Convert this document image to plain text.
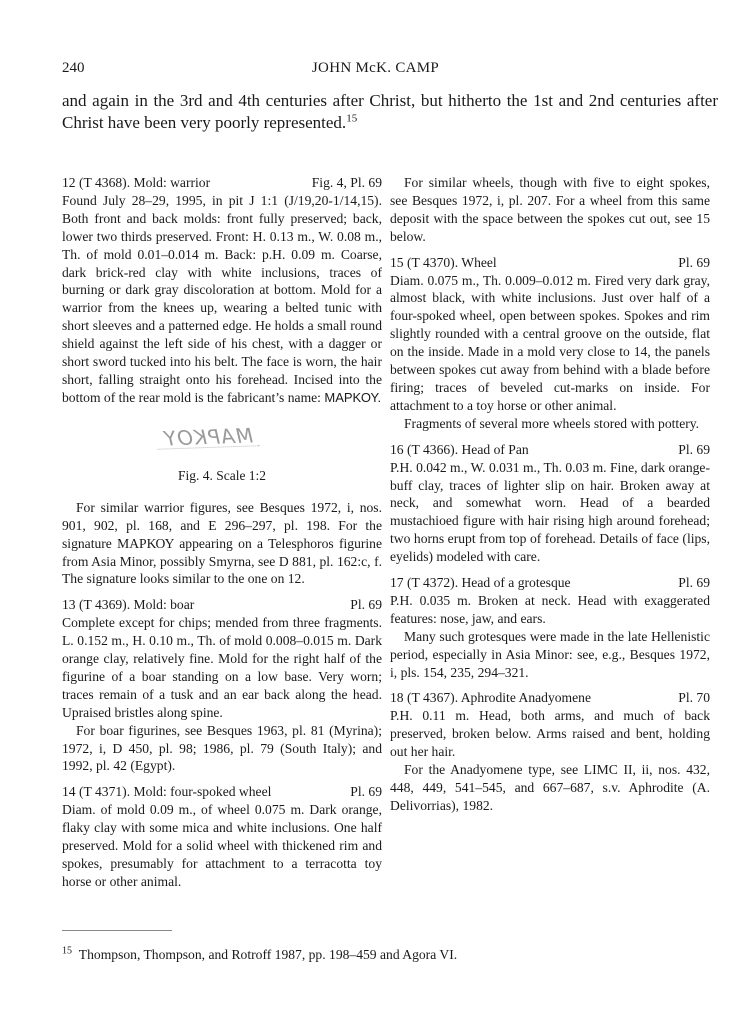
240	JOHN McK. CAMP
and again in the 3rd and 4th centuries after Christ, but hitherto the 1st and 2nd centuries after Christ have been very poorly represented.$^{15}$
12 (T 4368). Mold: warrior	Fig. 4, Pl. 69

Found July 28–29, 1995, in pit J 1:1 (J/19,20-1/14,15). Both front and back molds: front fully preserved; back, lower two thirds preserved. Front: H. 0.13 m., W. 0.08 m., Th. of mold 0.01–0.014 m. Back: p.H. 0.09 m. Coarse, dark brick-red clay with white inclusions, traces of burning or dark gray discoloration at bottom. Mold for a warrior from the knees up, wearing a belted tunic with short sleeves and a patterned edge. He holds a small round shield against the left side of his chest, with a dagger or short sword tucked into his belt. The face is worn, the hair short, falling straight onto his forehead. Incised into the bottom of the rear mold is the fabricant’s name: ΜΑΡΚΟΥ.

ΜΑΡΚΟΥ
Fig. 4. Scale 1:2

For similar warrior figures, see Besques 1972, i, nos. 901, 902, pl. 168, and E 296–297, pl. 198. For the signature ΜΑΡΚΟΥ appearing on a Telesphoros figurine from Asia Minor, possibly Smyrna, see D 881, pl. 162:c, f. The signature looks similar to the one on 12.

13 (T 4369). Mold: boar	Pl. 69

Complete except for chips; mended from three fragments. L. 0.152 m., H. 0.10 m., Th. of mold 0.008–0.015 m. Dark orange clay, relatively fine. Mold for the right half of the figurine of a boar standing on a low base. Very worn; traces remain of a tusk and an ear back along the head. Upraised bristles along spine.

For boar figurines, see Besques 1963, pl. 81 (Myrina); 1972, i, D 450, pl. 98; 1986, pl. 79 (South Italy); and 1992, pl. 42 (Egypt).

14 (T 4371). Mold: four-spoked wheel	Pl. 69

Diam. of mold 0.09 m., of wheel 0.075 m. Dark orange, flaky clay with some mica and white inclusions. One half preserved. Mold for a solid wheel with thickened rim and spokes, presumably for attachment to a terracotta toy horse or other animal.

For similar wheels, though with five to eight spokes, see Besques 1972, i, pl. 207. For a wheel from this same deposit with the space between the spokes cut out, see 15 below.

15 (T 4370). Wheel	Pl. 69

Diam. 0.075 m., Th. 0.009–0.012 m. Fired very dark gray, almost black, with white inclusions. Just over half of a four-spoked wheel, open between spokes. Spokes and rim slightly rounded with a central groove on the outside, flat on the inside. Made in a mold very close to 14, the panels between spokes cut away from behind with a blade before firing; traces of beveled cut-marks on inside. For attachment to a toy horse or other animal.

Fragments of several more wheels stored with pottery.

16 (T 4366). Head of Pan	Pl. 69

P.H. 0.042 m., W. 0.031 m., Th. 0.03 m. Fine, dark orange-buff clay, traces of lighter slip on hair. Broken away at neck, and somewhat worn. Head of a bearded mustachioed figure with hair rising high around forehead; two horns erupt from top of forehead. Details of face (lips, eyelids) modeled with care.

17 (T 4372). Head of a grotesque	Pl. 69

P.H. 0.035 m. Broken at neck. Head with exaggerated features: nose, jaw, and ears.

Many such grotesques were made in the late Hellenistic period, especially in Asia Minor: see, e.g., Besques 1972, i, pls. 154, 235, 294–321.

18 (T 4367). Aphrodite Anadyomene	Pl. 70

P.H. 0.11 m. Head, both arms, and much of back preserved, broken below. Arms raised and bent, holding out her hair.

For the Anadyomene type, see LIMC II, ii, nos. 432, 448, 449, 541–545, and 667–687, s.v. Aphrodite (A. Delivorrias), 1982.

$^{15}$ Thompson, Thompson, and Rotroff 1987, pp. 198–459 and Agora VI.
